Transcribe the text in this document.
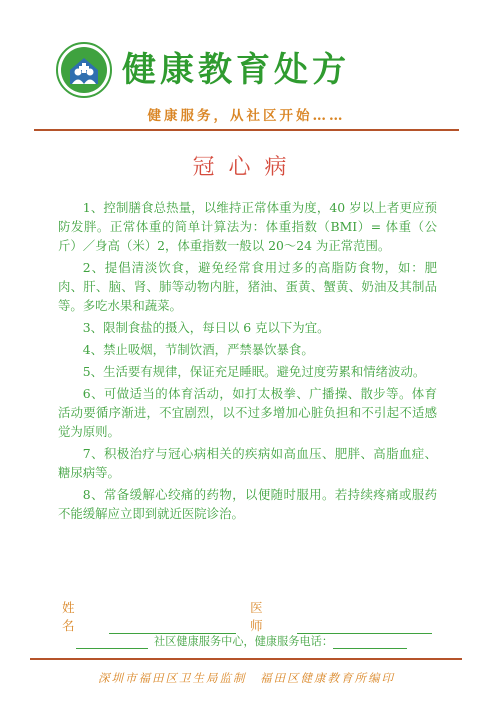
健康教育处方
健康服务，从社区开始……
冠心病

1、控制膳食总热量，以维持正常体重为度，40 岁以上者更应预防发胖。正常体重的简单计算法为：体重指数（BMI）= 体重（公斤）／身高（米）2，体重指数一般以 20～24 为正常范围。

2、提倡清淡饮食，避免经常食用过多的高脂防食物，如：肥肉、肝、脑、肾、肺等动物内脏，猪油、蛋黄、蟹黄、奶油及其制品等。多吃水果和蔬菜。

3、限制食盐的摄入，每日以 6 克以下为宜。

4、禁止吸烟，节制饮酒，严禁暴饮暴食。

5、生活要有规律，保证充足睡眠。避免过度劳累和情绪波动。

6、可做适当的体育活动，如打太极拳、广播操、散步等。体育活动要循序渐进，不宜剧烈，以不过多增加心脏负担和不引起不适感觉为原则。

7、积极治疗与冠心病相关的疾病如高血压、肥胖、高脂血症、糖尿病等。

8、常备缓解心绞痛的药物，以便随时服用。若持续疼痛或服药不能缓解应立即到就近医院诊治。

姓名
医师
社区健康服务中心，健康服务电话：
深圳市福田区卫生局监制　福田区健康教育所编印
